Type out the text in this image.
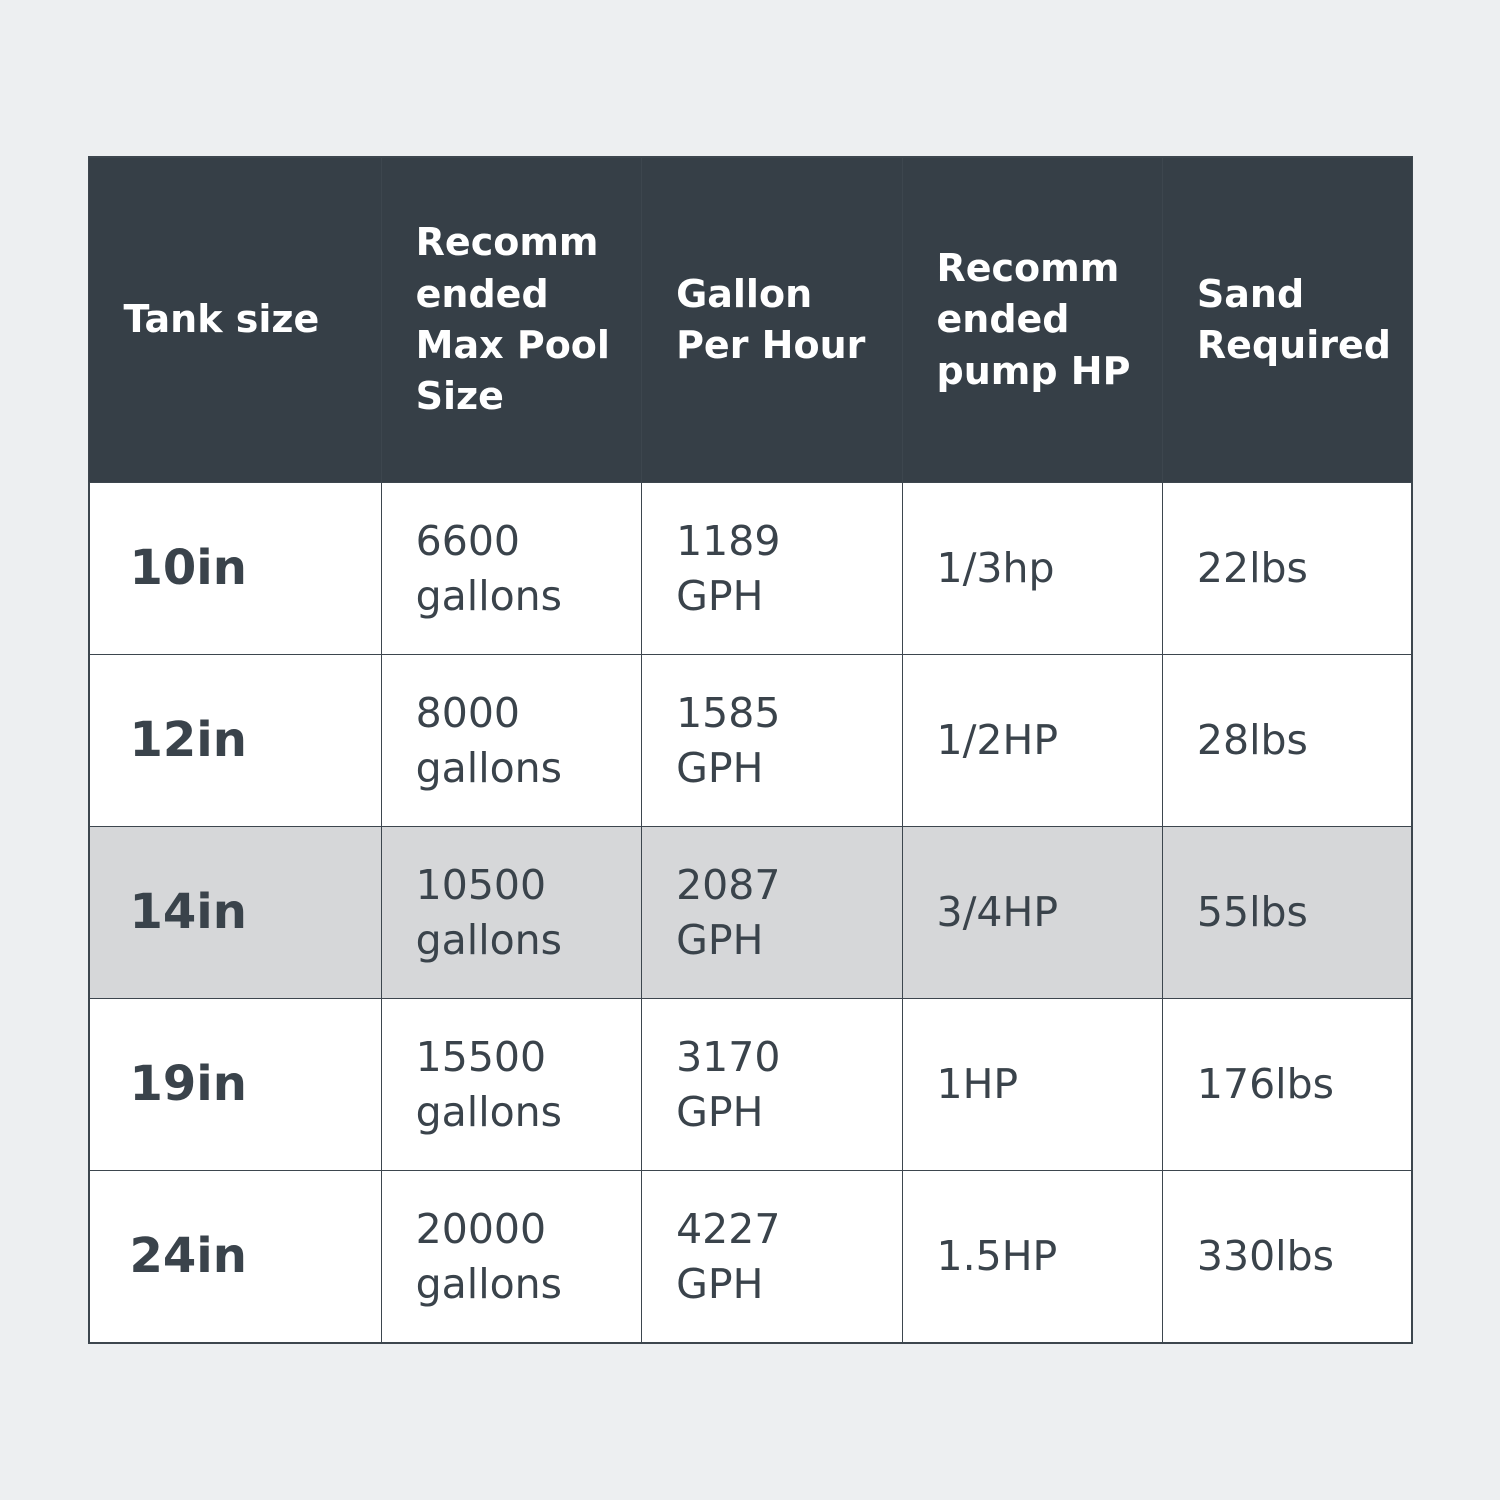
Tank size	Recomm ended Max Pool Size	Gallon Per Hour	Recomm ended pump HP	Sand Required
10in	6600 gallons	1189 GPH	1/3hp	22lbs
12in	8000 gallons	1585 GPH	1/2HP	28lbs
14in	10500 gallons	2087 GPH	3/4HP	55lbs
19in	15500 gallons	3170 GPH	1HP	176lbs
24in	20000 gallons	4227 GPH	1.5HP	330lbs
